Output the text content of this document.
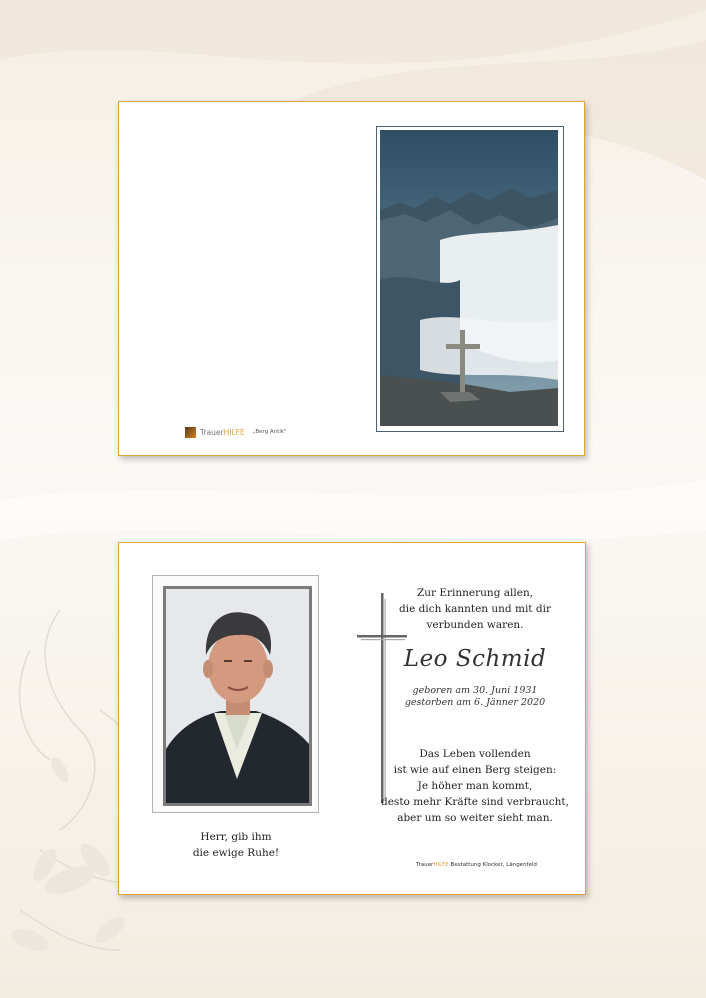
Trauer HILFE „Berg Antik"
Herr, gib ihm
die ewige Ruhe!
Zur Erinnerung allen,
die dich kannten und mit dir
verbunden waren.
Leo Schmid
geboren am 30. Juni 1931
gestorben am 6. Jänner 2020
Das Leben vollenden
ist wie auf einen Berg steigen:
Je höher man kommt,
desto mehr Kräfte sind verbraucht,
aber um so weiter sieht man.
TrauerHILFE Bestattung Klocker, Längenfeld
